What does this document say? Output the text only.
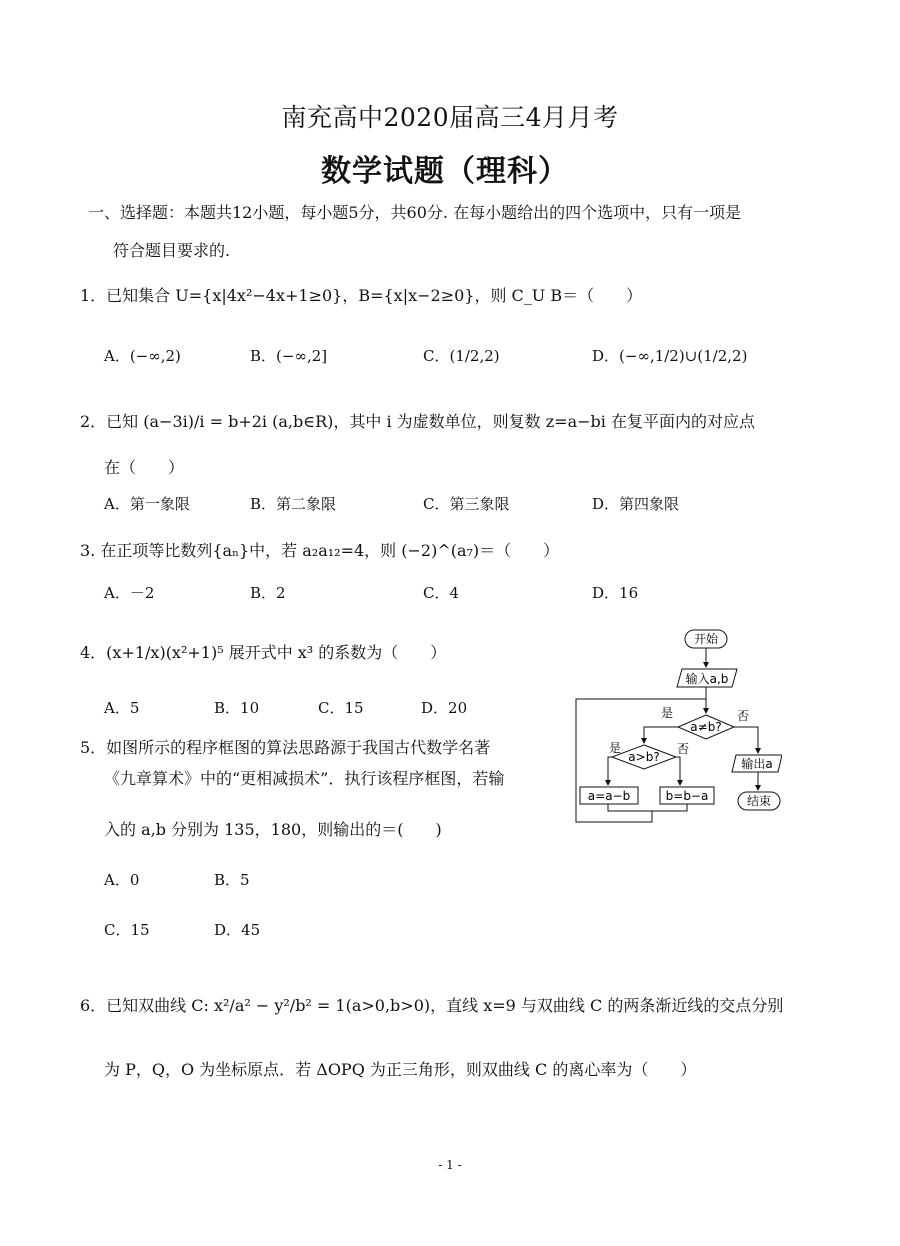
南充高中2020届高三4月月考
数学试题（理科）
一、选择题：本题共12小题，每小题5分，共60分. 在每小题给出的四个选项中，只有一项是
符合题目要求的.
1．已知集合 U={x|4x²−4x+1≥0}，B={x|x−2≥0}，则 C_U B＝（　　）
A．(−∞,2)	B．(−∞,2]	C．(1/2,2)	D．(−∞,1/2)∪(1/2,2)
2．已知 (a−3i)/i = b+2i (a,b∈R)，其中 i 为虚数单位，则复数 z=a−bi 在复平面内的对应点
在（　　）
A．第一象限	B．第二象限	C．第三象限	D．第四象限
3. 在正项等比数列{aₙ}中，若 a₂a₁₂=4，则 (−2)^(a₇)＝（　　）
A．－2	B．2	C．4	D．16
4．(x+1/x)(x²+1)⁵ 展开式中 x³ 的系数为（　　）
A．5	B．10	C．15	D．20
5．如图所示的程序框图的算法思路源于我国古代数学名著
《九章算术》中的“更相减损术”．执行该程序框图，若输
入的 a,b 分别为 135，180，则输出的＝(　　)
A．0	B．5
C．15	D．45
开始
输入a,b
a≠b?
是	否
a>b?
是	否
a=a−b	b=b−a
输出a
结束
6．已知双曲线 C: x²/a² − y²/b² = 1(a>0,b>0)，直线 x=9 与双曲线 C 的两条渐近线的交点分别
为 P，Q，O 为坐标原点．若 ΔOPQ 为正三角形，则双曲线 C 的离心率为（　　）
- 1 -
